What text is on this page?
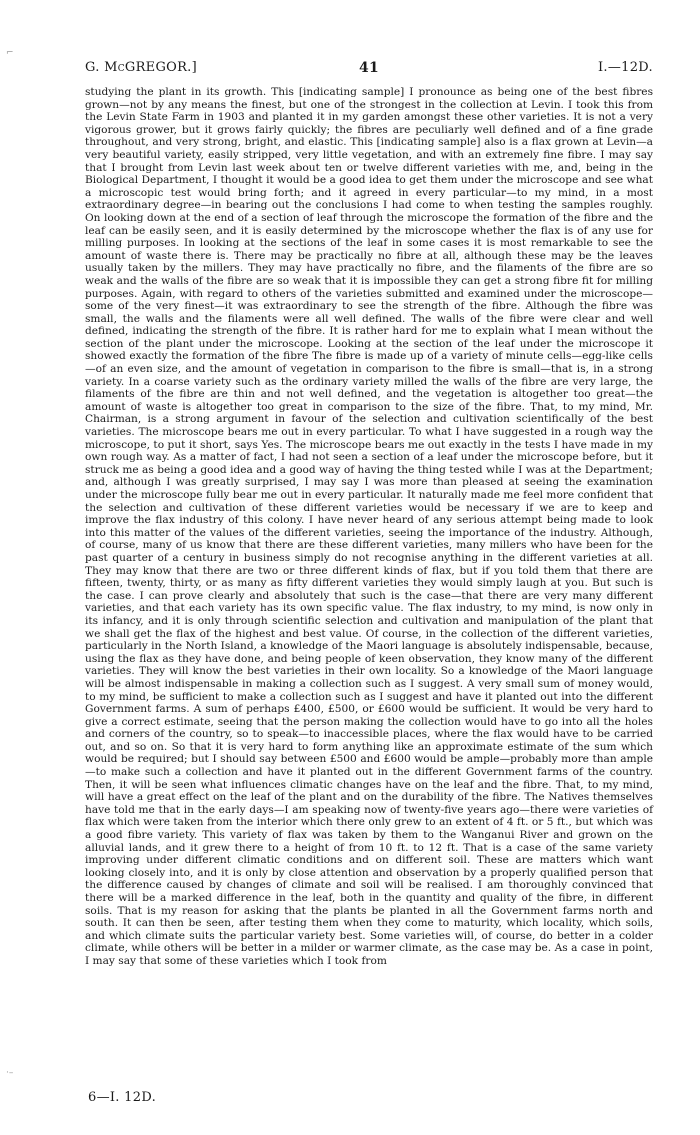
⌐
G. McGREGOR.]	41	I.—12D.

studying the plant in its growth. This [indicating sample] I pronounce as being one of the best fibres grown—not by any means the finest, but one of the strongest in the collection at Levin. I took this from the Levin State Farm in 1903 and planted it in my garden amongst these other varieties. It is not a very vigorous grower, but it grows fairly quickly; the fibres are peculiarly well defined and of a fine grade throughout, and very strong, bright, and elastic. This [indicating sample] also is a flax grown at Levin—a very beautiful variety, easily stripped, very little vegetation, and with an extremely fine fibre. I may say that I brought from Levin last week about ten or twelve different varieties with me, and, being in the Biological Department, I thought it would be a good idea to get them under the microscope and see what a microscopic test would bring forth; and it agreed in every particular—to my mind, in a most extraordinary degree—in bearing out the conclusions I had come to when testing the samples roughly. On looking down at the end of a section of leaf through the microscope the formation of the fibre and the leaf can be easily seen, and it is easily determined by the microscope whether the flax is of any use for milling purposes. In looking at the sections of the leaf in some cases it is most remarkable to see the amount of waste there is. There may be practically no fibre at all, although these may be the leaves usually taken by the millers. They may have practically no fibre, and the filaments of the fibre are so weak and the walls of the fibre are so weak that it is impossible they can get a strong fibre fit for milling purposes. Again, with regard to others of the varieties submitted and examined under the microscope—some of the very finest—it was extraordinary to see the strength of the fibre. Although the fibre was small, the walls and the filaments were all well defined. The walls of the fibre were clear and well defined, indicating the strength of the fibre. It is rather hard for me to explain what I mean without the section of the plant under the microscope. Looking at the section of the leaf under the microscope it showed exactly the formation of the fibre The fibre is made up of a variety of minute cells—egg-like cells—of an even size, and the amount of vegetation in comparison to the fibre is small—that is, in a strong variety. In a coarse variety such as the ordinary variety milled the walls of the fibre are very large, the filaments of the fibre are thin and not well defined, and the vegetation is altogether too great—the amount of waste is altogether too great in comparison to the size of the fibre. That, to my mind, Mr. Chairman, is a strong argument in favour of the selection and cultivation scientifically of the best varieties. The microscope bears me out in every particular. To what I have suggested in a rough way the microscope, to put it short, says Yes. The microscope bears me out exactly in the tests I have made in my own rough way. As a matter of fact, I had not seen a section of a leaf under the microscope before, but it struck me as being a good idea and a good way of having the thing tested while I was at the Department; and, although I was greatly surprised, I may say I was more than pleased at seeing the examination under the microscope fully bear me out in every particular. It naturally made me feel more confident that the selection and cultivation of these different varieties would be necessary if we are to keep and improve the flax industry of this colony. I have never heard of any serious attempt being made to look into this matter of the values of the different varieties, seeing the importance of the industry. Although, of course, many of us know that there are these different varieties, many millers who have been for the past quarter of a century in business simply do not recognise anything in the different varieties at all. They may know that there are two or three different kinds of flax, but if you told them that there are fifteen, twenty, thirty, or as many as fifty different varieties they would simply laugh at you. But such is the case. I can prove clearly and absolutely that such is the case—that there are very many different varieties, and that each variety has its own specific value. The flax industry, to my mind, is now only in its infancy, and it is only through scientific selection and cultivation and manipulation of the plant that we shall get the flax of the highest and best value. Of course, in the collection of the different varieties, particularly in the North Island, a knowledge of the Maori language is absolutely indispensable, because, using the flax as they have done, and being people of keen observation, they know many of the different varieties. They will know the best varieties in their own locality. So a knowledge of the Maori language will be almost indispensable in making a collection such as I suggest. A very small sum of money would, to my mind, be sufficient to make a collection such as I suggest and have it planted out into the different Government farms. A sum of perhaps £400, £500, or £600 would be sufficient. It would be very hard to give a correct estimate, seeing that the person making the collection would have to go into all the holes and corners of the country, so to speak—to inaccessible places, where the flax would have to be carried out, and so on. So that it is very hard to form anything like an approximate estimate of the sum which would be required; but I should say between £500 and £600 would be ample—probably more than ample—to make such a collection and have it planted out in the different Government farms of the country. Then, it will be seen what influences climatic changes have on the leaf and the fibre. That, to my mind, will have a great effect on the leaf of the plant and on the durability of the fibre. The Natives themselves have told me that in the early days—I am speaking now of twenty-five years ago—there were varieties of flax which were taken from the interior which there only grew to an extent of 4 ft. or 5 ft., but which was a good fibre variety. This variety of flax was taken by them to the Wanganui River and grown on the alluvial lands, and it grew there to a height of from 10 ft. to 12 ft. That is a case of the same variety improving under different climatic conditions and on different soil. These are matters which want looking closely into, and it is only by close attention and observation by a properly qualified person that the difference caused by changes of climate and soil will be realised. I am thoroughly convinced that there will be a marked difference in the leaf, both in the quantity and quality of the fibre, in different soils. That is my reason for asking that the plants be planted in all the Government farms north and south. It can then be seen, after testing them when they come to maturity, which locality, which soils, and which climate suits the particular variety best. Some varieties will, of course, do better in a colder climate, while others will be better in a milder or warmer climate, as the case may be. As a case in point, I may say that some of these varieties which I took from

6—I. 12D.
·–
